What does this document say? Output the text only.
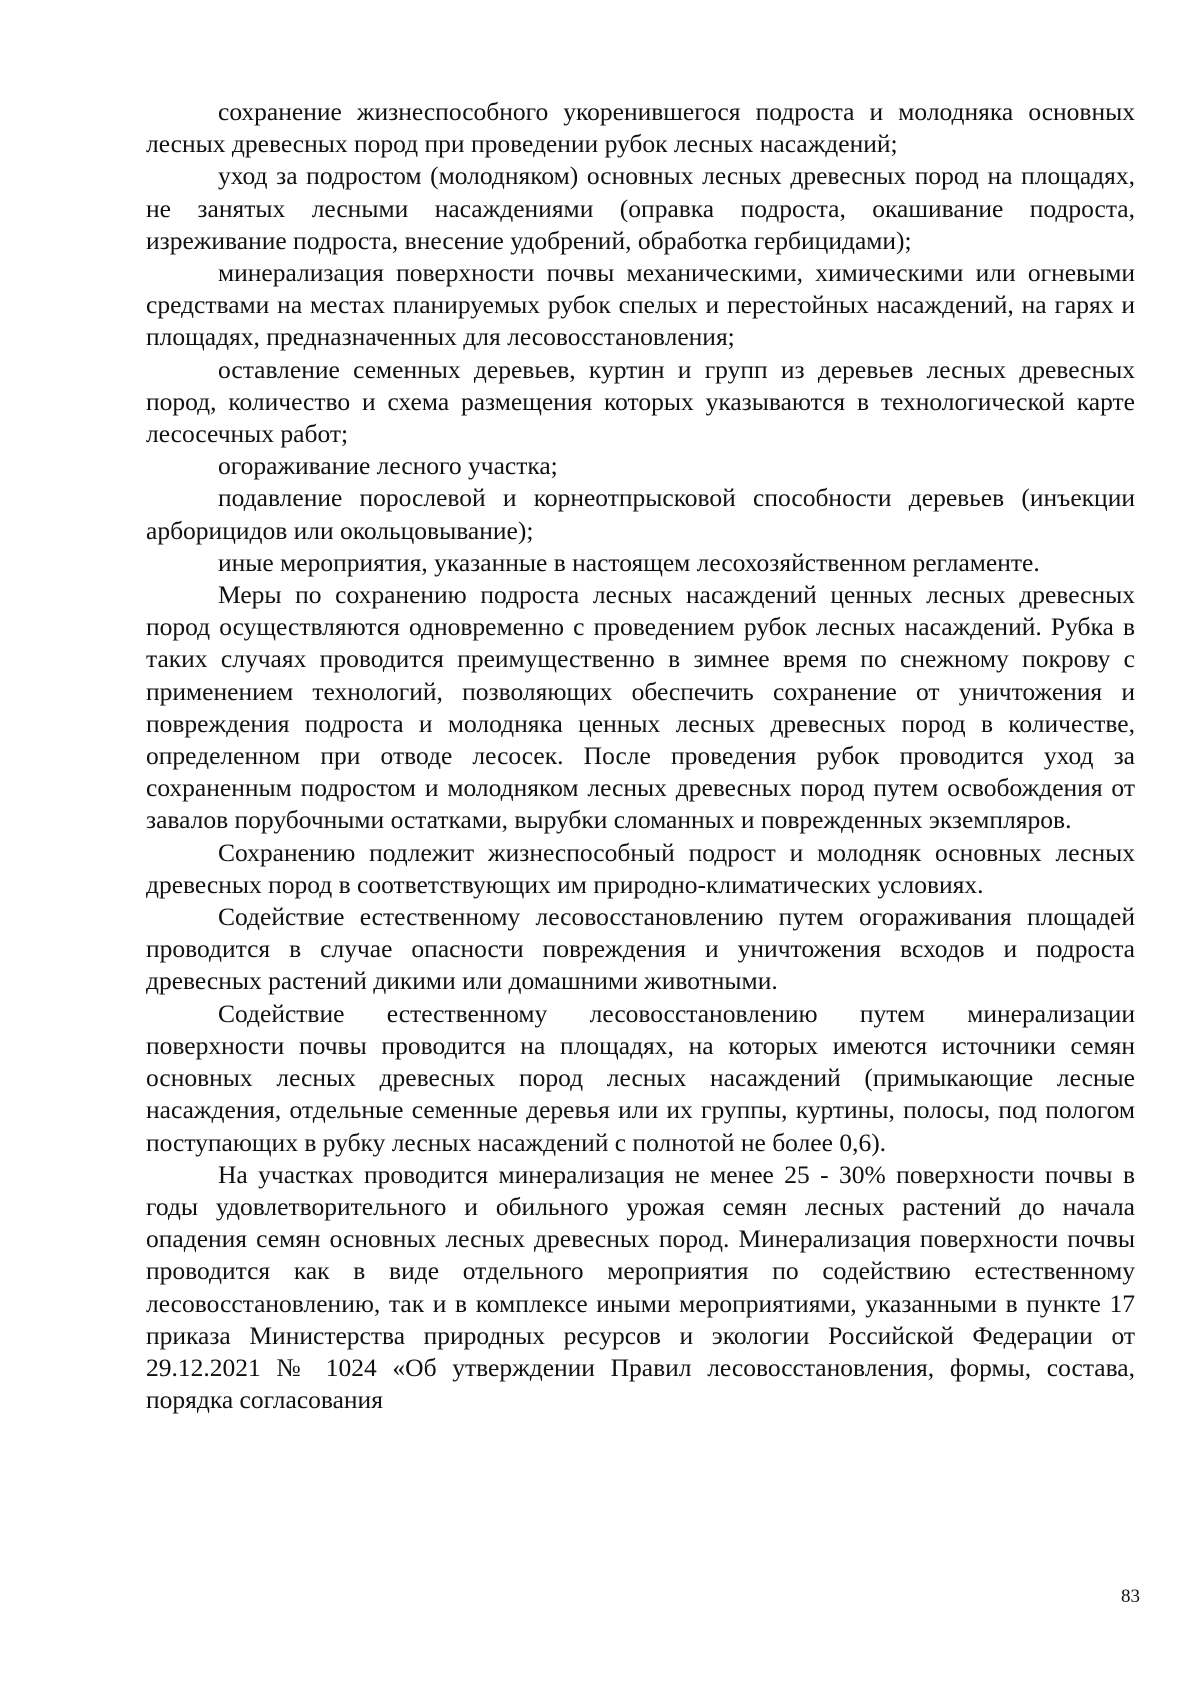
сохранение жизнеспособного укоренившегося подроста и молодняка основных лесных древесных пород при проведении рубок лесных насаждений;

уход за подростом (молодняком) основных лесных древесных пород на площадях, не занятых лесными насаждениями (оправка подроста, окашивание подроста, изреживание подроста, внесение удобрений, обработка гербицидами);

минерализация поверхности почвы механическими, химическими или огневыми средствами на местах планируемых рубок спелых и перестойных насаждений, на гарях и площадях, предназначенных для лесовосстановления;

оставление семенных деревьев, куртин и групп из деревьев лесных древесных пород, количество и схема размещения которых указываются в технологической карте лесосечных работ;

огораживание лесного участка;

подавление порослевой и корнеотпрысковой способности деревьев (инъекции арборицидов или окольцовывание);

иные мероприятия, указанные в настоящем лесохозяйственном регламенте.

Меры по сохранению подроста лесных насаждений ценных лесных древесных пород осуществляются одновременно с проведением рубок лесных насаждений. Рубка в таких случаях проводится преимущественно в зимнее время по снежному покрову с применением технологий, позволяющих обеспечить сохранение от уничтожения и повреждения подроста и молодняка ценных лесных древесных пород в количестве, определенном при отводе лесосек. После проведения рубок проводится уход за сохраненным подростом и молодняком лесных древесных пород путем освобождения от завалов порубочными остатками, вырубки сломанных и поврежденных экземпляров.

Сохранению подлежит жизнеспособный подрост и молодняк основных лесных древесных пород в соответствующих им природно-климатических условиях.

Содействие естественному лесовосстановлению путем огораживания площадей проводится в случае опасности повреждения и уничтожения всходов и подроста древесных растений дикими или домашними животными.

Содействие естественному лесовосстановлению путем минерализации поверхности почвы проводится на площадях, на которых имеются источники семян основных лесных древесных пород лесных насаждений (примыкающие лесные насаждения, отдельные семенные деревья или их группы, куртины, полосы, под пологом поступающих в рубку лесных насаждений с полнотой не более 0,6).

На участках проводится минерализация не менее 25 - 30% поверхности почвы в годы удовлетворительного и обильного урожая семян лесных растений до начала опадения семян основных лесных древесных пород. Минерализация поверхности почвы проводится как в виде отдельного мероприятия по содействию естественному лесовосстановлению, так и в комплексе иными мероприятиями, указанными в пункте 17 приказа Министерства природных ресурсов и экологии Российской Федерации от 29.12.2021 № 1024 «Об утверждении Правил лесовосстановления, формы, состава, порядка согласования

83
